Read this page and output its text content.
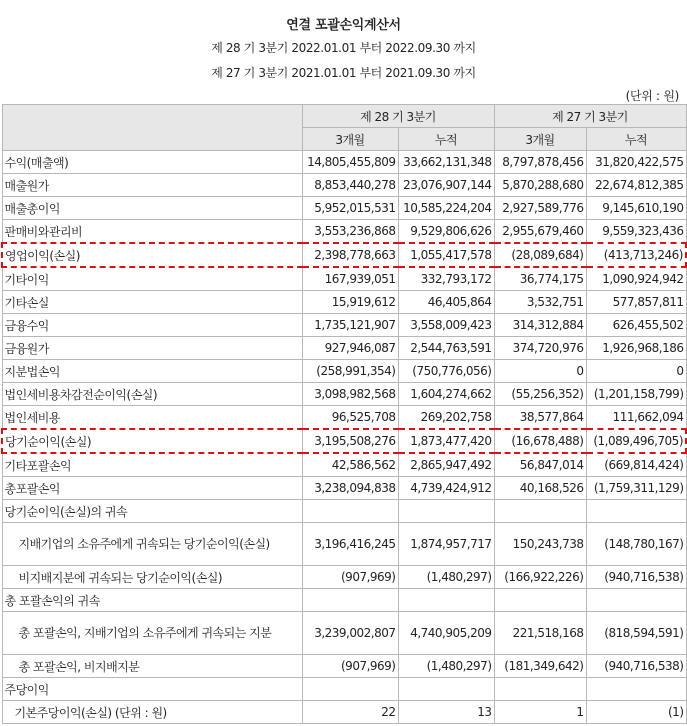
연결 포괄손익계산서
제 28 기 3분기 2022.01.01 부터 2022.09.30 까지
제 27 기 3분기 2021.01.01 부터 2021.09.30 까지
(단위 : 원)
	제 28 기 3분기		제 27 기 3분기	
	3개월	누적	3개월	누적
수익(매출액)	14,805,455,809	33,662,131,348	8,797,878,456	31,820,422,575
매출원가	8,853,440,278	23,076,907,144	5,870,288,680	22,674,812,385
매출총이익	5,952,015,531	10,585,224,204	2,927,589,776	9,145,610,190
판매비와관리비	3,553,236,868	9,529,806,626	2,955,679,460	9,559,323,436
영업이익(손실)	2,398,778,663	1,055,417,578	(28,089,684)	(413,713,246)
기타이익	167,939,051	332,793,172	36,774,175	1,090,924,942
기타손실	15,919,612	46,405,864	3,532,751	577,857,811
금융수익	1,735,121,907	3,558,009,423	314,312,884	626,455,502
금융원가	927,946,087	2,544,763,591	374,720,976	1,926,968,186
지분법손익	(258,991,354)	(750,776,056)	0	0
법인세비용차감전순이익(손실)	3,098,982,568	1,604,274,662	(55,256,352)	(1,201,158,799)
법인세비용	96,525,708	269,202,758	38,577,864	111,662,094
당기순이익(손실)	3,195,508,276	1,873,477,420	(16,678,488)	(1,089,496,705)
기타포괄손익	42,586,562	2,865,947,492	56,847,014	(669,814,424)
총포괄손익	3,238,094,838	4,739,424,912	40,168,526	(1,759,311,129)
당기순이익(손실)의 귀속				
지배기업의 소유주에게 귀속되는 당기순이익(손실)	3,196,416,245	1,874,957,717	150,243,738	(148,780,167)
비지배지분에 귀속되는 당기순이익(손실)	(907,969)	(1,480,297)	(166,922,226)	(940,716,538)
총 포괄손익의 귀속				
총 포괄손익, 지배기업의 소유주에게 귀속되는 지분	3,239,002,807	4,740,905,209	221,518,168	(818,594,591)
총 포괄손익, 비지배지분	(907,969)	(1,480,297)	(181,349,642)	(940,716,538)
주당이익				
기본주당이익(손실) (단위 : 원)	22	13	1	(1)
